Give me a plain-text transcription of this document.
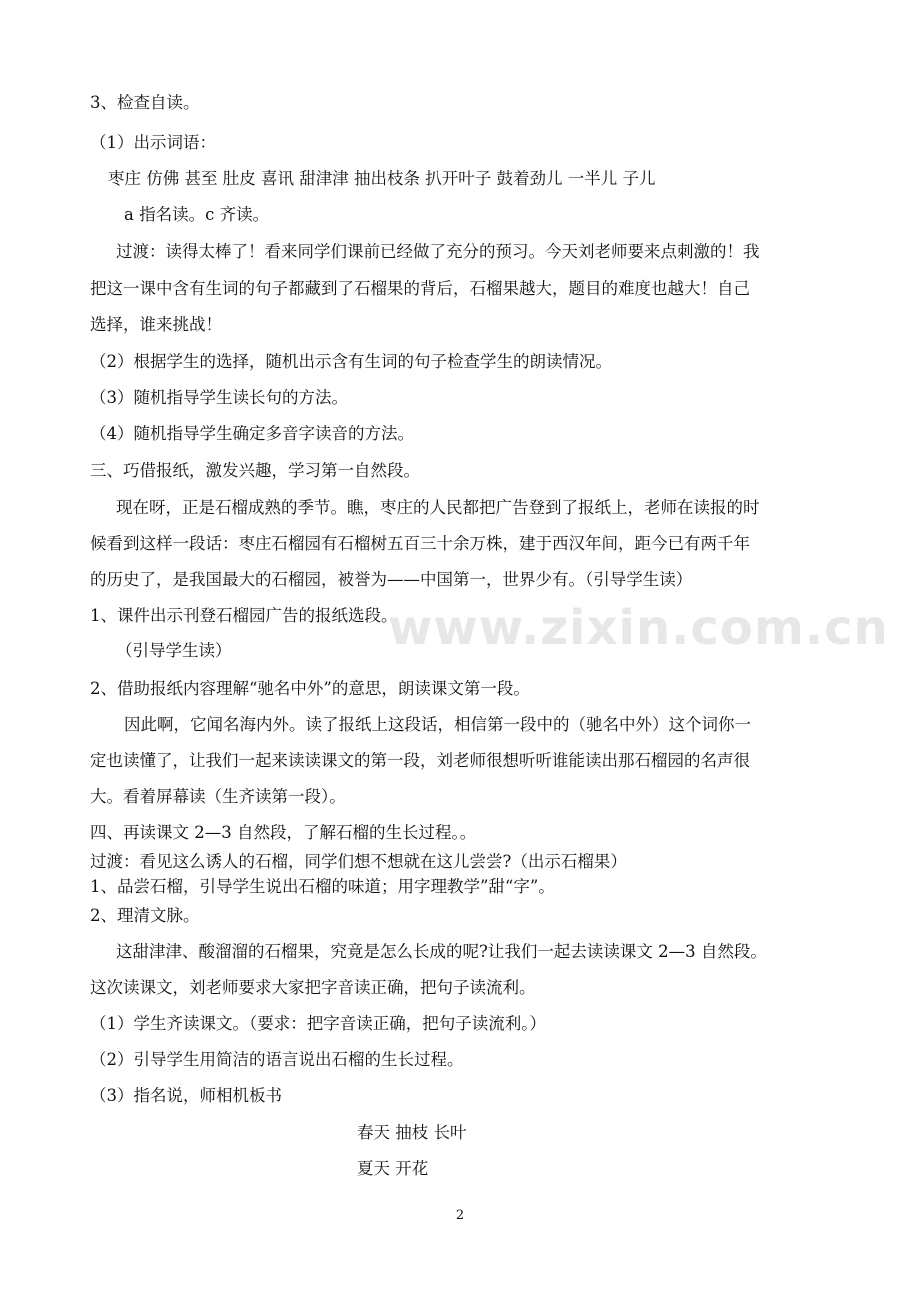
www.zixin.com.cn
3、检查自读。
（1）出示词语：
枣庄 仿佛 甚至 肚皮 喜讯 甜津津 抽出枝条 扒开叶子 鼓着劲儿 一半儿 子儿
a 指名读。c 齐读。
过渡：读得太棒了！看来同学们课前已经做了充分的预习。今天刘老师要来点刺激的！我
把这一课中含有生词的句子都藏到了石榴果的背后，石榴果越大，题目的难度也越大！自己
选择，谁来挑战！
（2）根据学生的选择，随机出示含有生词的句子检查学生的朗读情况。
（3）随机指导学生读长句的方法。
（4）随机指导学生确定多音字读音的方法。
三、巧借报纸，激发兴趣，学习第一自然段。
现在呀，正是石榴成熟的季节。瞧，枣庄的人民都把广告登到了报纸上，老师在读报的时
候看到这样一段话：枣庄石榴园有石榴树五百三十余万株，建于西汉年间，距今已有两千年
的历史了，是我国最大的石榴园，被誉为——中国第一，世界少有。（引导学生读）
1、课件出示刊登石榴园广告的报纸选段。
（引导学生读）
2、借助报纸内容理解“驰名中外”的意思，朗读课文第一段。
因此啊，它闻名海内外。读了报纸上这段话，相信第一段中的（驰名中外）这个词你一
定也读懂了，让我们一起来读读课文的第一段，刘老师很想听听谁能读出那石榴园的名声很
大。看着屏幕读（生齐读第一段）。
四、再读课文 2—3 自然段，了解石榴的生长过程。。
过渡：看见这么诱人的石榴，同学们想不想就在这儿尝尝?（出示石榴果）
1、品尝石榴，引导学生说出石榴的味道；用字理教学”甜“字”。
2、理清文脉。
这甜津津、酸溜溜的石榴果，究竟是怎么长成的呢?让我们一起去读读课文 2—3 自然段。
这次读课文，刘老师要求大家把字音读正确，把句子读流利。
（1）学生齐读课文。（要求：把字音读正确，把句子读流利。）
（2）引导学生用简洁的语言说出石榴的生长过程。
（3）指名说，师相机板书
春天 抽枝 长叶
夏天 开花
2
